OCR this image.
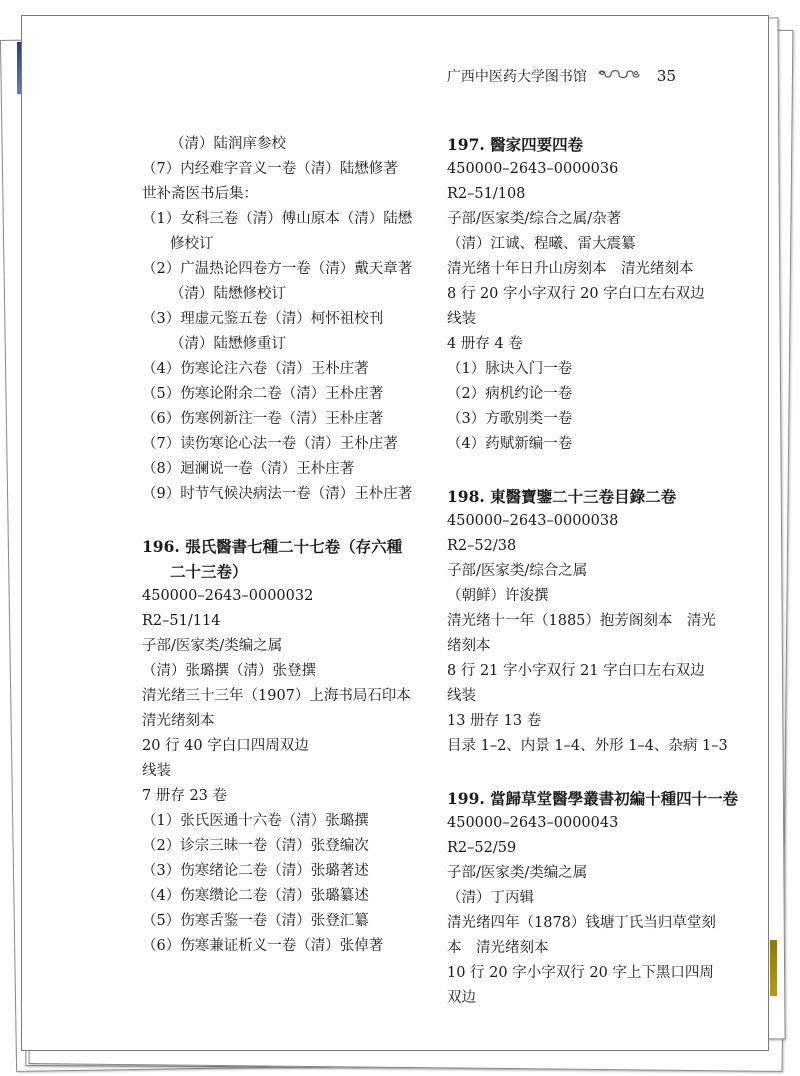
广西中医药大学图书馆	35
（清）陆润庠参校
（7）内经难字音义一卷（清）陆懋修著
世补斋医书后集：
（1）女科三卷（清）傅山原本（清）陆懋
修校订
（2）广温热论四卷方一卷（清）戴天章著
（清）陆懋修校订
（3）理虚元鉴五卷（清）柯怀祖校刊
（清）陆懋修重订
（4）伤寒论注六卷（清）王朴庄著
（5）伤寒论附余二卷（清）王朴庄著
（6）伤寒例新注一卷（清）王朴庄著
（7）读伤寒论心法一卷（清）王朴庄著
（8）迴澜说一卷（清）王朴庄著
（9）时节气候决病法一卷（清）王朴庄著
196. 張氏醫書七種二十七卷（存六種
二十三卷）
450000–2643–0000032
R2–51/114
子部/医家类/类编之属
（清）张璐撰（清）张登撰
清光绪三十三年（1907）上海书局石印本
清光绪刻本
20 行 40 字白口四周双边
线装
7 册存 23 卷
（1）张氏医通十六卷（清）张璐撰
（2）诊宗三昧一卷（清）张登编次
（3）伤寒绪论二卷（清）张璐著述
（4）伤寒缵论二卷（清）张璐纂述
（5）伤寒舌鉴一卷（清）张登汇纂
（6）伤寒兼证析义一卷（清）张倬著
197. 醫家四要四卷
450000–2643–0000036
R2–51/108
子部/医家类/综合之属/杂著
（清）江诚、程曦、雷大震纂
清光绪十年日升山房刻本　清光绪刻本
8 行 20 字小字双行 20 字白口左右双边
线装
4 册存 4 卷
（1）脉诀入门一卷
（2）病机约论一卷
（3）方歌别类一卷
（4）药赋新编一卷
198. 東醫寶鑒二十三卷目錄二卷
450000–2643–0000038
R2–52/38
子部/医家类/综合之属
（朝鲜）许浚撰
清光绪十一年（1885）抱芳阁刻本　清光
绪刻本
8 行 21 字小字双行 21 字白口左右双边
线装
13 册存 13 卷
目录 1–2、内景 1–4、外形 1–4、杂病 1–3
199. 當歸草堂醫學叢書初編十種四十一卷
450000–2643–0000043
R2–52/59
子部/医家类/类编之属
（清）丁丙辑
清光绪四年（1878）钱塘丁氏当归草堂刻
本　清光绪刻本
10 行 20 字小字双行 20 字上下黑口四周
双边
